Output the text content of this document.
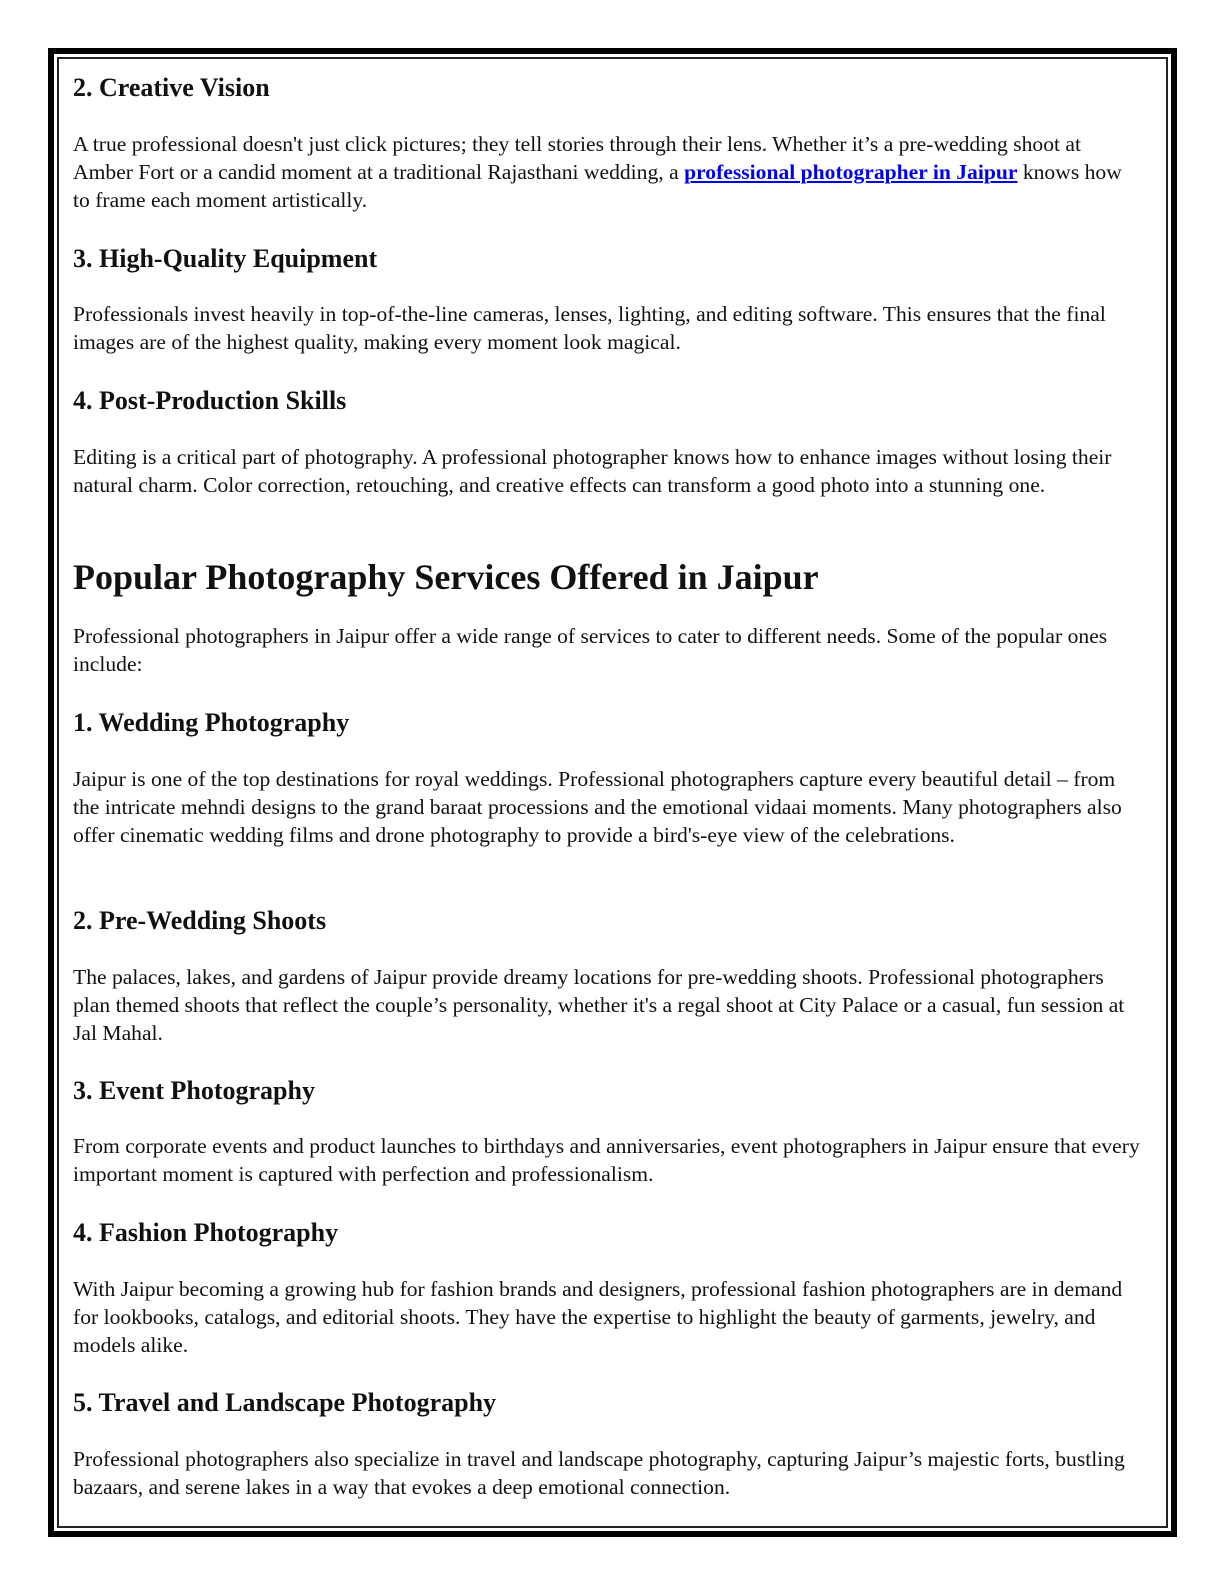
2. Creative Vision

A true professional doesn't just click pictures; they tell stories through their lens. Whether it’s a pre-wedding shoot at Amber Fort or a candid moment at a traditional Rajasthani wedding, a professional photographer in Jaipur knows how to frame each moment artistically.

3. High-Quality Equipment

Professionals invest heavily in top-of-the-line cameras, lenses, lighting, and editing software. This ensures that the final images are of the highest quality, making every moment look magical.

4. Post-Production Skills

Editing is a critical part of photography. A professional photographer knows how to enhance images without losing their natural charm. Color correction, retouching, and creative effects can transform a good photo into a stunning one.

Popular Photography Services Offered in Jaipur

Professional photographers in Jaipur offer a wide range of services to cater to different needs. Some of the popular ones include:

1. Wedding Photography

Jaipur is one of the top destinations for royal weddings. Professional photographers capture every beautiful detail – from the intricate mehndi designs to the grand baraat processions and the emotional vidaai moments. Many photographers also offer cinematic wedding films and drone photography to provide a bird's-eye view of the celebrations.

2. Pre-Wedding Shoots

The palaces, lakes, and gardens of Jaipur provide dreamy locations for pre-wedding shoots. Professional photographers plan themed shoots that reflect the couple’s personality, whether it's a regal shoot at City Palace or a casual, fun session at Jal Mahal.

3. Event Photography

From corporate events and product launches to birthdays and anniversaries, event photographers in Jaipur ensure that every important moment is captured with perfection and professionalism.

4. Fashion Photography

With Jaipur becoming a growing hub for fashion brands and designers, professional fashion photographers are in demand for lookbooks, catalogs, and editorial shoots. They have the expertise to highlight the beauty of garments, jewelry, and models alike.

5. Travel and Landscape Photography

Professional photographers also specialize in travel and landscape photography, capturing Jaipur’s majestic forts, bustling bazaars, and serene lakes in a way that evokes a deep emotional connection.
